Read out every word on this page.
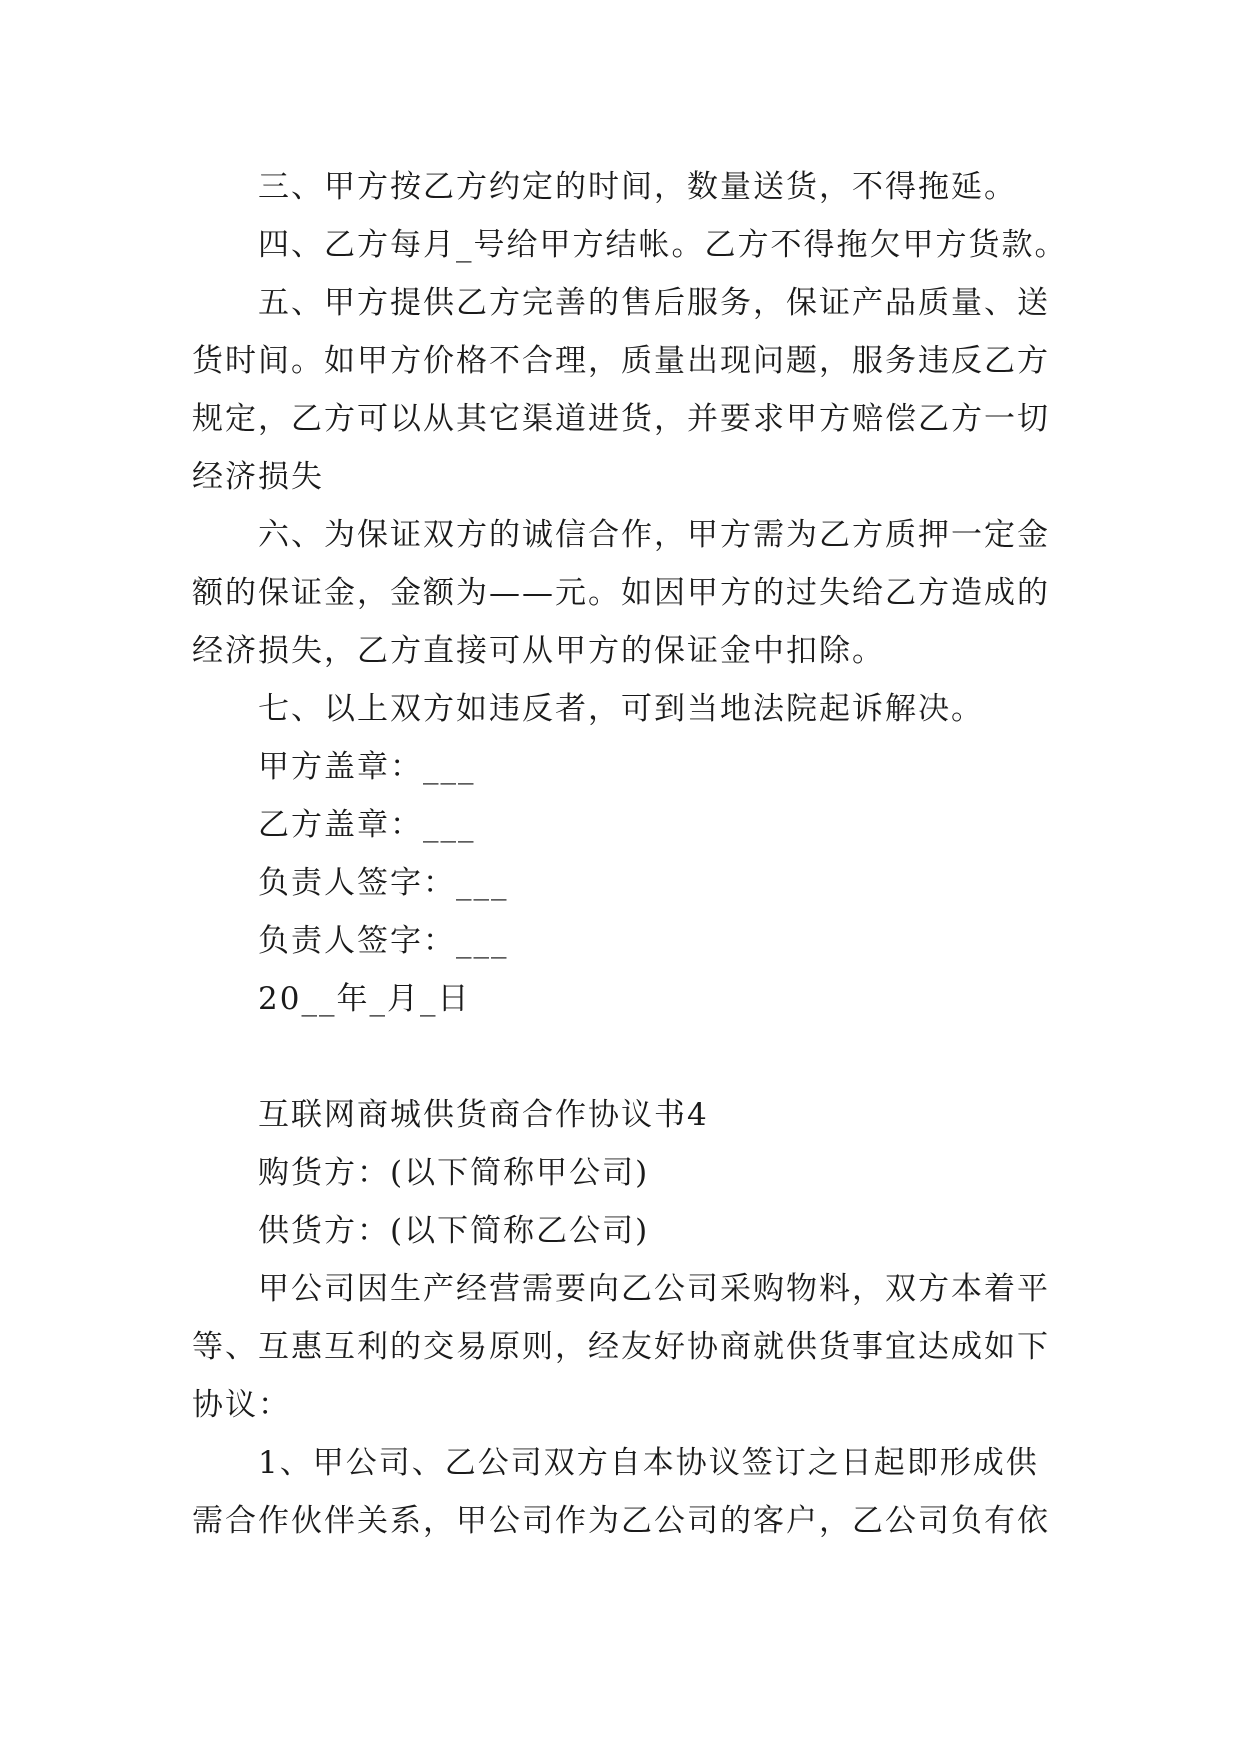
三、甲方按乙方约定的时间，数量送货，不得拖延。
四、乙方每月_号给甲方结帐。乙方不得拖欠甲方货款。
五、甲方提供乙方完善的售后服务，保证产品质量、送
货时间。如甲方价格不合理，质量出现问题，服务违反乙方
规定，乙方可以从其它渠道进货，并要求甲方赔偿乙方一切
经济损失
六、为保证双方的诚信合作，甲方需为乙方质押一定金
额的保证金，金额为——元。如因甲方的过失给乙方造成的
经济损失，乙方直接可从甲方的保证金中扣除。
七、以上双方如违反者，可到当地法院起诉解决。
甲方盖章：___
乙方盖章：___
负责人签字：___
负责人签字：___
20__年_月_日
互联网商城供货商合作协议书4
购货方：(以下简称甲公司)
供货方：(以下简称乙公司)
甲公司因生产经营需要向乙公司采购物料，双方本着平
等、互惠互利的交易原则，经友好协商就供货事宜达成如下
协议：
1、甲公司、乙公司双方自本协议签订之日起即形成供
需合作伙伴关系，甲公司作为乙公司的客户，乙公司负有依
